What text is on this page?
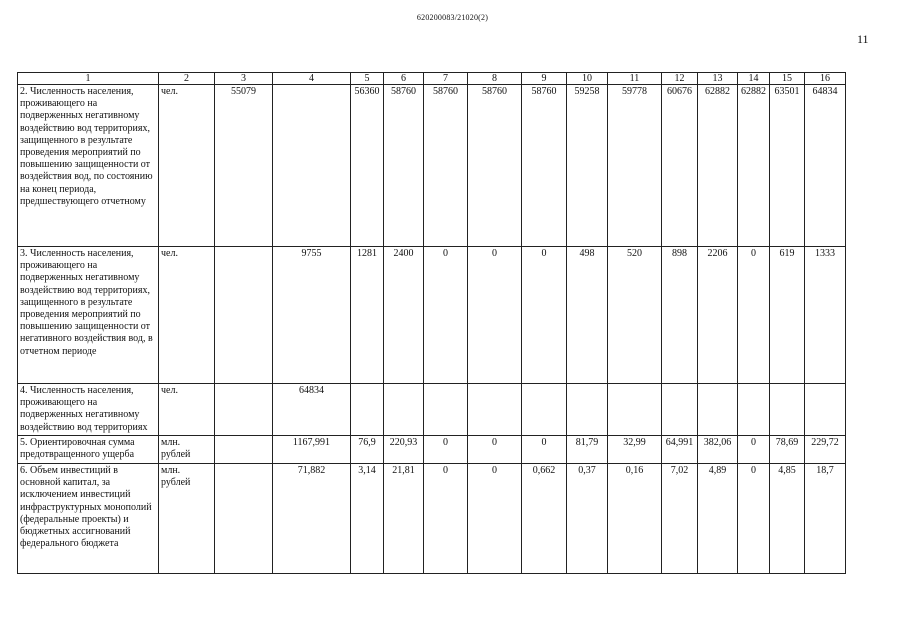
620200083/21020(2)
11
1	2	3	4	5	6	7	8	9	10	11	12	13	14	15	16
2. Численность населения, проживающего на подверженных негативному воздействию вод территориях, защищенного в результате проведения мероприятий по повышению защищенности от воздействия вод, по состоянию на конец периода, предшествующего отчетному	чел.	55079		56360	58760	58760	58760	58760	59258	59778	60676	62882	62882	63501	64834
3. Численность населения, проживающего на подверженных негативному воздействию вод территориях, защищенного в результате проведения мероприятий по повышению защищенности от негативного воздействия вод, в отчетном периоде	чел.		9755	1281	2400	0	0	0	498	520	898	2206	0	619	1333
4. Численность населения, проживающего на подверженных негативному воздействию вод территориях	чел.		64834												
5. Ориентировочная сумма предотвращенного ущерба	млн. рублей		1167,991	76,9	220,93	0	0	0	81,79	32,99	64,991	382,06	0	78,69	229,72
6. Объем инвестиций в основной капитал, за исключением инвестиций инфраструктурных монополий (федеральные проекты) и бюджетных ассигнований федерального бюджета	млн. рублей		71,882	3,14	21,81	0	0	0,662	0,37	0,16	7,02	4,89	0	4,85	18,7
